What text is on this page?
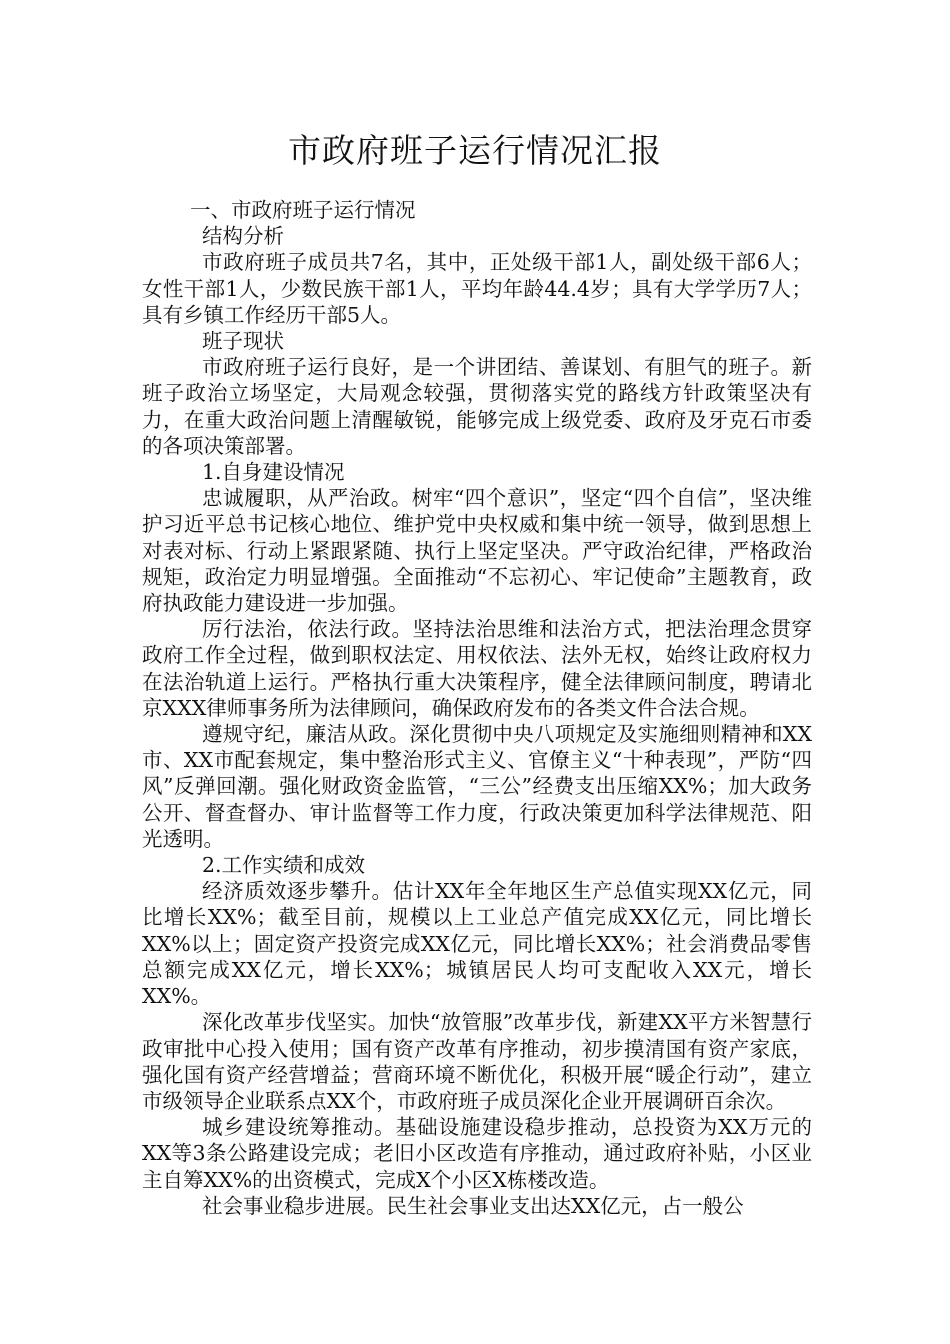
市政府班子运行情况汇报

一、市政府班子运行情况

结构分析

市政府班子成员共7名，其中，正处级干部1人，副处级干部6人；女性干部1人，少数民族干部1人，平均年龄44.4岁；具有大学学历7人；具有乡镇工作经历干部5人。

班子现状

市政府班子运行良好，是一个讲团结、善谋划、有胆气的班子。新班子政治立场坚定，大局观念较强，贯彻落实党的路线方针政策坚决有力，在重大政治问题上清醒敏锐，能够完成上级党委、政府及牙克石市委的各项决策部署。

1.自身建设情况

忠诚履职，从严治政。树牢“四个意识”，坚定“四个自信”，坚决维护习近平总书记核心地位、维护党中央权威和集中统一领导，做到思想上对表对标、行动上紧跟紧随、执行上坚定坚决。严守政治纪律，严格政治规矩，政治定力明显增强。全面推动“不忘初心、牢记使命”主题教育，政府执政能力建设进一步加强。

厉行法治，依法行政。坚持法治思维和法治方式，把法治理念贯穿政府工作全过程，做到职权法定、用权依法、法外无权，始终让政府权力在法治轨道上运行。严格执行重大决策程序，健全法律顾问制度，聘请北京XXX律师事务所为法律顾问，确保政府发布的各类文件合法合规。

遵规守纪，廉洁从政。深化贯彻中央八项规定及实施细则精神和XX市、XX市配套规定，集中整治形式主义、官僚主义“十种表现”，严防“四风”反弹回潮。强化财政资金监管，“三公”经费支出压缩XX%；加大政务公开、督查督办、审计监督等工作力度，行政决策更加科学法律规范、阳光透明。

2.工作实绩和成效

经济质效逐步攀升。估计XX年全年地区生产总值实现XX亿元，同比增长XX%；截至目前，规模以上工业总产值完成XX亿元，同比增长XX%以上；固定资产投资完成XX亿元，同比增长XX%；社会消费品零售总额完成XX亿元，增长XX%；城镇居民人均可支配收入XX元，增长XX%。

深化改革步伐坚实。加快“放管服”改革步伐，新建XX平方米智慧行政审批中心投入使用；国有资产改革有序推动，初步摸清国有资产家底，强化国有资产经营增益；营商环境不断优化，积极开展“暖企行动”，建立市级领导企业联系点XX个，市政府班子成员深化企业开展调研百余次。

城乡建设统筹推动。基础设施建设稳步推动，总投资为XX万元的XX等3条公路建设完成；老旧小区改造有序推动，通过政府补贴，小区业主自筹XX%的出资模式，完成X个小区X栋楼改造。

社会事业稳步进展。民生社会事业支出达XX亿元，占一般公
